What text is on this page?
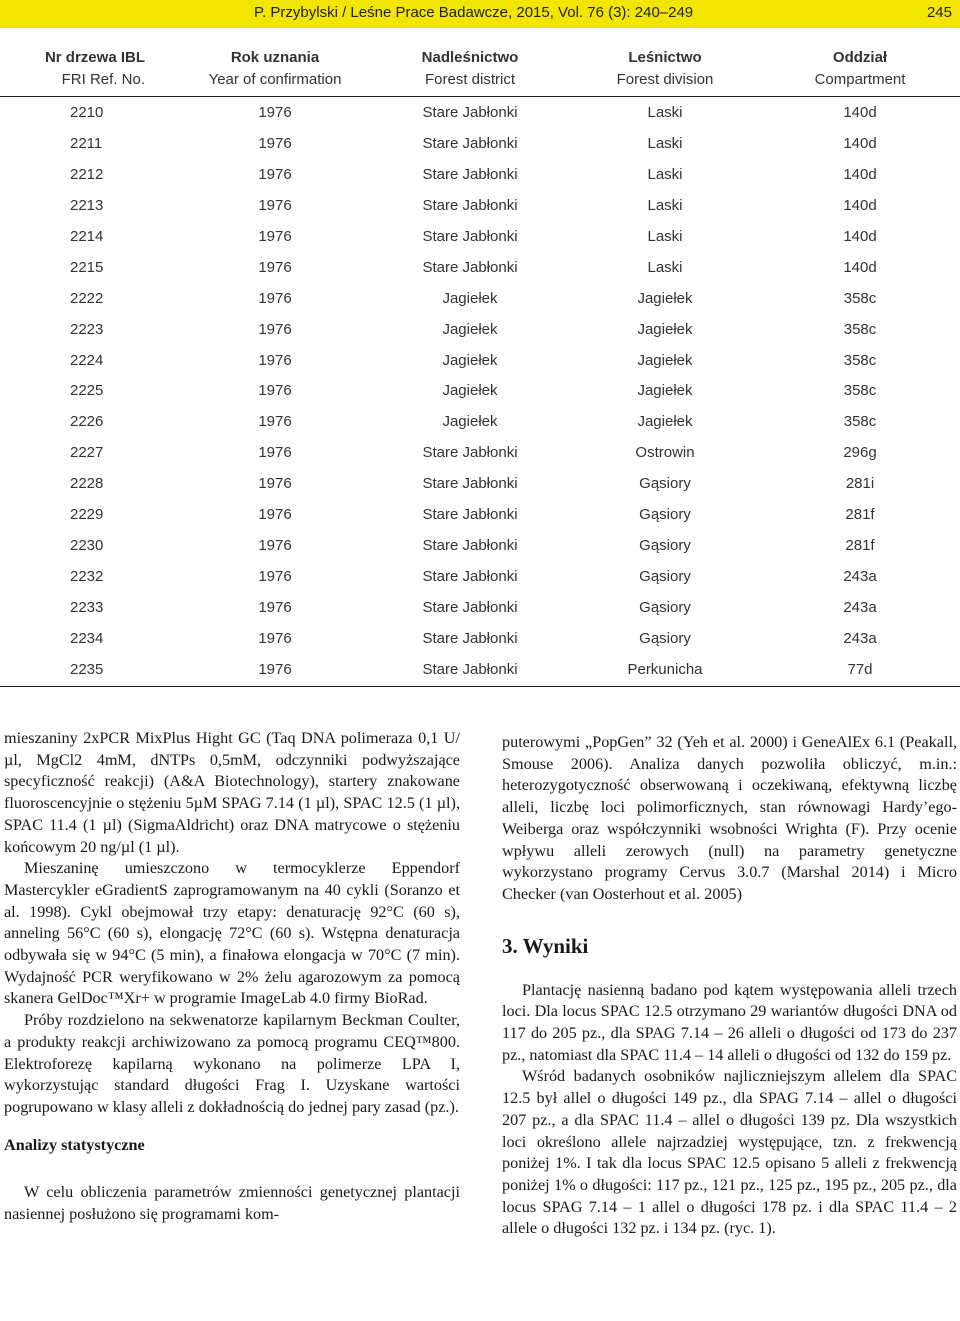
P. Przybylski / Leśne Prace Badawcze, 2015, Vol. 76 (3): 240–249	245
Nr drzewa IBL	Rok uznania	Nadleśnictwo	Leśnictwo	Oddział
FRI Ref. No.	Year of confirmation	Forest district	Forest division	Compartment
2210	1976	Stare Jabłonki	Laski	140d
2211	1976	Stare Jabłonki	Laski	140d
2212	1976	Stare Jabłonki	Laski	140d
2213	1976	Stare Jabłonki	Laski	140d
2214	1976	Stare Jabłonki	Laski	140d
2215	1976	Stare Jabłonki	Laski	140d
2222	1976	Jagiełek	Jagiełek	358c
2223	1976	Jagiełek	Jagiełek	358c
2224	1976	Jagiełek	Jagiełek	358c
2225	1976	Jagiełek	Jagiełek	358c
2226	1976	Jagiełek	Jagiełek	358c
2227	1976	Stare Jabłonki	Ostrowin	296g
2228	1976	Stare Jabłonki	Gąsiory	281i
2229	1976	Stare Jabłonki	Gąsiory	281f
2230	1976	Stare Jabłonki	Gąsiory	281f
2232	1976	Stare Jabłonki	Gąsiory	243a
2233	1976	Stare Jabłonki	Gąsiory	243a
2234	1976	Stare Jabłonki	Gąsiory	243a
2235	1976	Stare Jabłonki	Perkunicha	77d
mieszaniny 2xPCR MixPlus Hight GC (Taq DNA polimeraza 0,1 U/µl, MgCl2 4mM, dNTPs 0,5mM, odczynniki podwyższające specyficzność reakcji) (A&A Biotechnology), startery znakowane fluoroscencyjnie o stężeniu 5µM SPAG 7.14 (1 µl), SPAC 12.5 (1 µl), SPAC 11.4 (1 µl) (SigmaAldricht) oraz DNA matrycowe o stężeniu końcowym 20 ng/µl (1 µl).
Mieszaninę umieszczono w termocyklerze Eppendorf Mastercykler eGradientS zaprogramowanym na 40 cykli (Soranzo et al. 1998). Cykl obejmował trzy etapy: denaturację 92°C (60 s), anneling 56°C (60 s), elongację 72°C (60 s). Wstępna denaturacja odbywała się w 94°C (5 min), a finałowa elongacja w 70°C (7 min). Wydajność PCR weryfikowano w 2% żelu agarozowym za pomocą skanera GelDoc™Xr+ w programie ImageLab 4.0 firmy BioRad.
Próby rozdzielono na sekwenatorze kapilarnym Beckman Coulter, a produkty reakcji archiwizowano za pomocą programu CEQ™800. Elektroforezę kapilarną wykonano na polimerze LPA I, wykorzystując standard długości Frag I. Uzyskane wartości pogrupowano w klasy alleli z dokładnością do jednej pary zasad (pz.).
Analizy statystyczne
W celu obliczenia parametrów zmienności genetycznej plantacji nasiennej posłużono się programami kom-
puterowymi „PopGen” 32 (Yeh et al. 2000) i GeneAlEx 6.1 (Peakall, Smouse 2006). Analiza danych pozwoliła obliczyć, m.in.: heterozygotyczność obserwowaną i oczekiwaną, efektywną liczbę alleli, liczbę loci polimorficznych, stan równowagi Hardy’ego-Weiberga oraz współczynniki wsobności Wrighta (F). Przy ocenie wpływu alleli zerowych (null) na parametry genetyczne wykorzystano programy Cervus 3.0.7 (Marshal 2014) i Micro Checker (van Oosterhout et al. 2005)
3. Wyniki
Plantację nasienną badano pod kątem występowania alleli trzech loci. Dla locus SPAC 12.5 otrzymano 29 wariantów długości DNA od 117 do 205 pz., dla SPAG 7.14 – 26 alleli o długości od 173 do 237 pz., natomiast dla SPAC 11.4 – 14 alleli o długości od 132 do 159 pz.
Wśród badanych osobników najliczniejszym allelem dla SPAC 12.5 był allel o długości 149 pz., dla SPAG 7.14 – allel o długości 207 pz., a dla SPAC 11.4 – allel o długości 139 pz. Dla wszystkich loci określono allele najrzadziej występujące, tzn. z frekwencją poniżej 1%. I tak dla locus SPAC 12.5 opisano 5 alleli z frekwencją poniżej 1% o długości: 117 pz., 121 pz., 125 pz., 195 pz., 205 pz., dla locus SPAG 7.14 – 1 allel o długości 178 pz. i dla SPAC 11.4 – 2 allele o długości 132 pz. i 134 pz. (ryc. 1).
